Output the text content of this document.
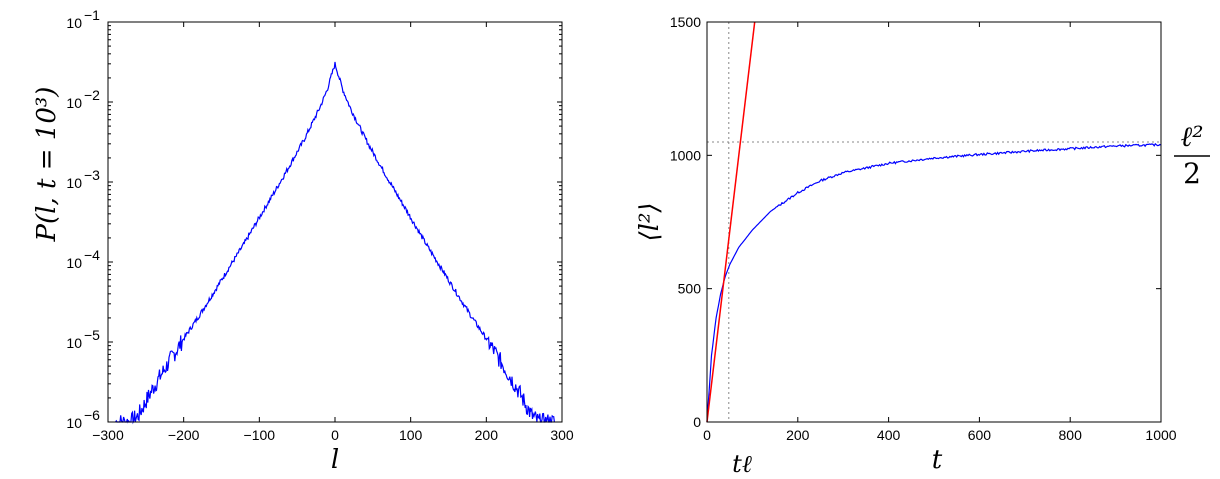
−300	−200	−100	0	100	200	300
10 −6
10 −5
10 −4
10 −3
10 −2
10 −1
l
P(l, t = 10³)
0	200	400	600	800	1000
0
500
1000
1500
t
⟨l²⟩
tℓ
ℓ²
2
